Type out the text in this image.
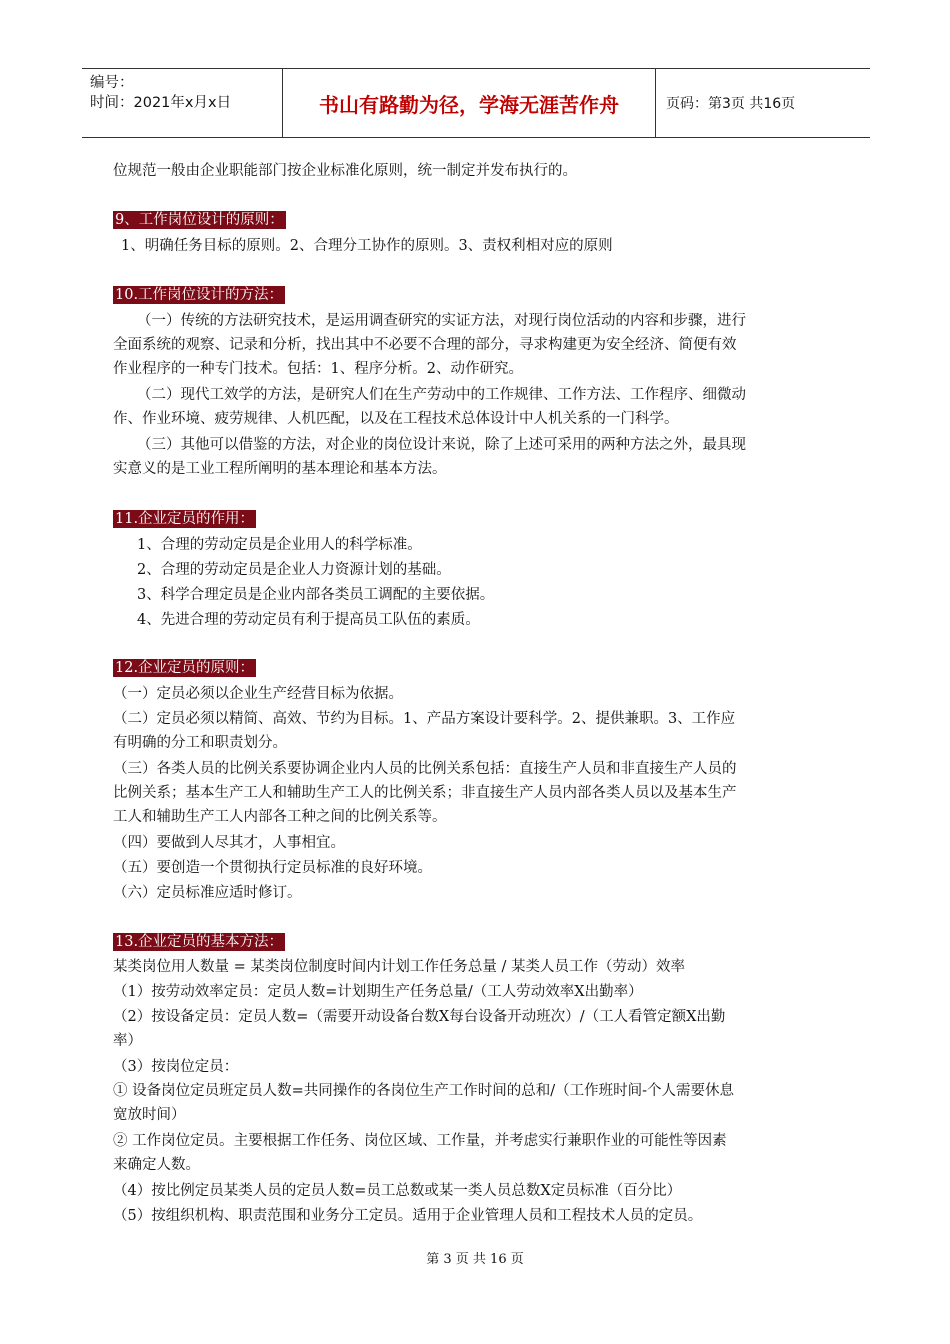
编号：
时间：2021年x月x日	书山有路勤为径，学海无涯苦作舟	页码：第3页 共16页
位规范一般由企业职能部门按企业标准化原则，统一制定并发布执行的。
9、工作岗位设计的原则：
1、明确任务目标的原则。2、合理分工协作的原则。3、责权利相对应的原则
10.工作岗位设计的方法：
（一）传统的方法研究技术，是运用调查研究的实证方法，对现行岗位活动的内容和步骤，进行
全面系统的观察、记录和分析，找出其中不必要不合理的部分，寻求构建更为安全经济、简便有效
作业程序的一种专门技术。包括：1、程序分析。2、动作研究。
（二）现代工效学的方法，是研究人们在生产劳动中的工作规律、工作方法、工作程序、细微动
作、作业环境、疲劳规律、人机匹配，以及在工程技术总体设计中人机关系的一门科学。
（三）其他可以借鉴的方法，对企业的岗位设计来说，除了上述可采用的两种方法之外，最具现
实意义的是工业工程所阐明的基本理论和基本方法。
11.企业定员的作用：
1、合理的劳动定员是企业用人的科学标准。
2、合理的劳动定员是企业人力资源计划的基础。
3、科学合理定员是企业内部各类员工调配的主要依据。
4、先进合理的劳动定员有利于提高员工队伍的素质。
12.企业定员的原则：
（一）定员必须以企业生产经营目标为依据。
（二）定员必须以精简、高效、节约为目标。1、产品方案设计要科学。2、提供兼职。3、工作应
有明确的分工和职责划分。
（三）各类人员的比例关系要协调企业内人员的比例关系包括：直接生产人员和非直接生产人员的
比例关系；基本生产工人和辅助生产工人的比例关系；非直接生产人员内部各类人员以及基本生产
工人和辅助生产工人内部各工种之间的比例关系等。
（四）要做到人尽其才，人事相宜。
（五）要创造一个贯彻执行定员标准的良好环境。
（六）定员标准应适时修订。
13.企业定员的基本方法：
某类岗位用人数量 = 某类岗位制度时间内计划工作任务总量 / 某类人员工作（劳动）效率
（1）按劳动效率定员：定员人数=计划期生产任务总量/（工人劳动效率X出勤率）
（2）按设备定员：定员人数=（需要开动设备台数X每台设备开动班次）/（工人看管定额X出勤
率）
（3）按岗位定员：
① 设备岗位定员班定员人数=共同操作的各岗位生产工作时间的总和/（工作班时间-个人需要休息
宽放时间）
② 工作岗位定员。主要根据工作任务、岗位区域、工作量，并考虑实行兼职作业的可能性等因素
来确定人数。
（4）按比例定员某类人员的定员人数=员工总数或某一类人员总数X定员标准（百分比）
（5）按组织机构、职责范围和业务分工定员。适用于企业管理人员和工程技术人员的定员。
第 3 页 共 16 页
